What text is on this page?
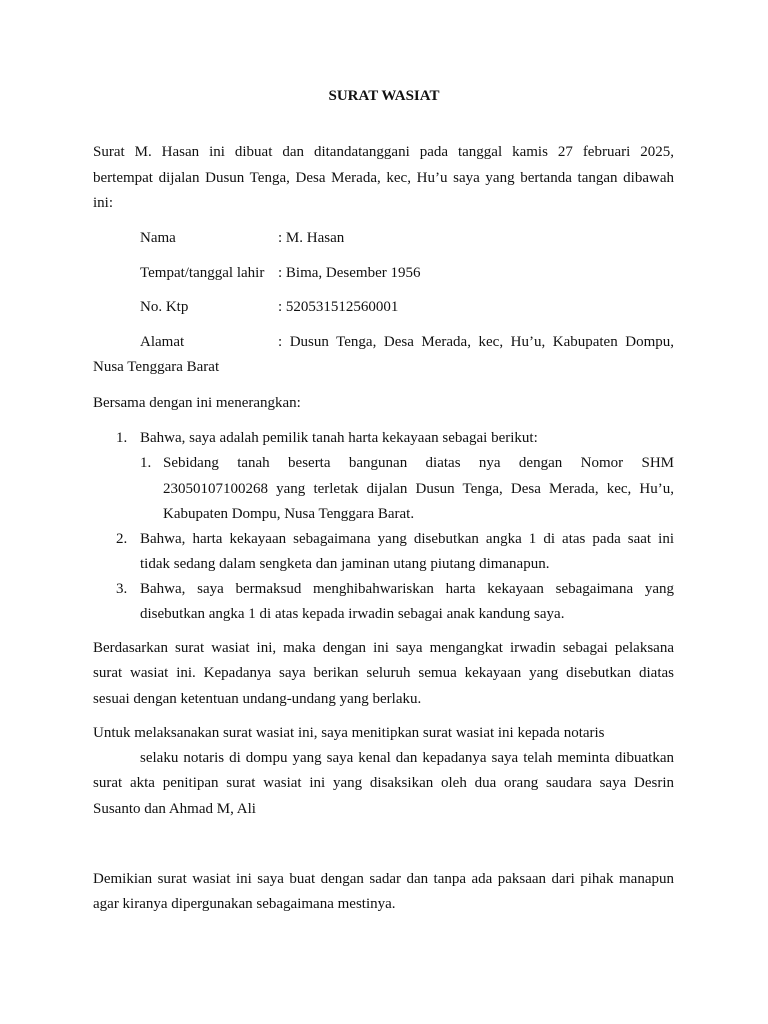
SURAT WASIAT
Surat M. Hasan ini dibuat dan ditandatanggani pada tanggal kamis 27 februari 2025,
bertempat dijalan Dusun Tenga, Desa Merada, kec, Hu’u saya yang bertanda tangan dibawah
ini:
Nama	: M. Hasan
Tempat/tanggal lahir : Bima, Desember 1956
No. Ktp	: 520531512560001
Alamat	: Dusun Tenga, Desa Merada, kec, Hu’u, Kabupaten Dompu,
Nusa Tenggara Barat
Bersama dengan ini menerangkan:
1. Bahwa, saya adalah pemilik tanah harta kekayaan sebagai berikut:
1. Sebidang tanah beserta bangunan diatas nya dengan Nomor SHM
23050107100268 yang terletak dijalan Dusun Tenga, Desa Merada, kec, Hu’u,
Kabupaten Dompu, Nusa Tenggara Barat.
2. Bahwa, harta kekayaan sebagaimana yang disebutkan angka 1 di atas pada saat ini
tidak sedang dalam sengketa dan jaminan utang piutang dimanapun.
3. Bahwa, saya bermaksud menghibahwariskan harta kekayaan sebagaimana yang
disebutkan angka 1 di atas kepada irwadin sebagai anak kandung saya.
Berdasarkan surat wasiat ini, maka dengan ini saya mengangkat irwadin sebagai pelaksana
surat wasiat ini. Kepadanya saya berikan seluruh semua kekayaan yang disebutkan diatas
sesuai dengan ketentuan undang-undang yang berlaku.
Untuk melaksanakan surat wasiat ini, saya menitipkan surat wasiat ini kepada notaris
selaku notaris di dompu yang saya kenal dan kepadanya saya telah meminta dibuatkan
surat akta penitipan surat wasiat ini yang disaksikan oleh dua orang saudara saya Desrin
Susanto dan Ahmad M, Ali
Demikian surat wasiat ini saya buat dengan sadar dan tanpa ada paksaan dari pihak manapun
agar kiranya dipergunakan sebagaimana mestinya.
